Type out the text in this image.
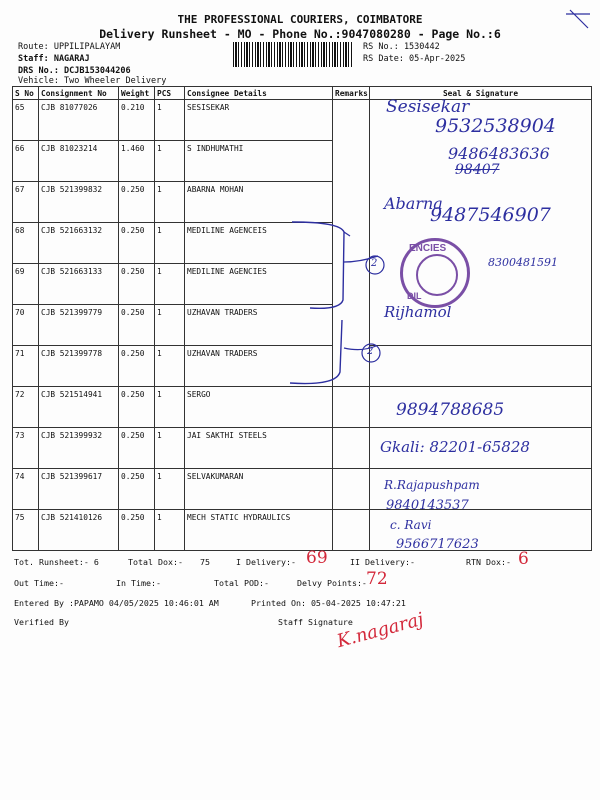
THE PROFESSIONAL COURIERS, COIMBATORE
Delivery Runsheet - MO - Phone No.:9047080280 - Page No.:6
Route: UPPILIPALAYAM
Staff: NAGARAJ
DRS No.: DCJB153044206
Vehicle: Two Wheeler Delivery
RS No.: 1530442
RS Date: 05-Apr-2025
S No	Consignment No	Weight	PCS	Consignee Details	Remarks	Seal & Signature
65	CJB 81077026	0.210	1	SESISEKAR		
66	CJB 81023214	1.460	1	S INDHUMATHI		
67	CJB 521399832	0.250	1	ABARNA MOHAN		
68	CJB 521663132	0.250	1	MEDILINE AGENCEIS		
69	CJB 521663133	0.250	1	MEDILINE AGENCIES		
70	CJB 521399779	0.250	1	UZHAVAN TRADERS		
71	CJB 521399778	0.250	1	UZHAVAN TRADERS		
72	CJB 521514941	0.250	1	SERGO		
73	CJB 521399932	0.250	1	JAI SAKTHI STEELS		
74	CJB 521399617	0.250	1	SELVAKUMARAN		
75	CJB 521410126	0.250	1	MECH STATIC HYDRAULICS		
Sesisekar
9532538904
9486483636
98407
Abarna
9487546907
2	8300481591
Rijhamol
2
9894788685
Gkali: 82201-65828
R.Rajapushpam
9840143537
c. Ravi
9566717623
ENCIES
DIL
Tot. Runsheet:- 6	Total Dox:- 75	I Delivery:- 69	II Delivery:-	RTN Dox:- 6
Out Time:-	In Time:-	Total POD:-	Delvy Points:- 72
Entered By :PAPAMO 04/05/2025 10:46:01 AM	Printed On: 05-04-2025 10:47:21
Verified By	Staff Signature
K.nagaraj
